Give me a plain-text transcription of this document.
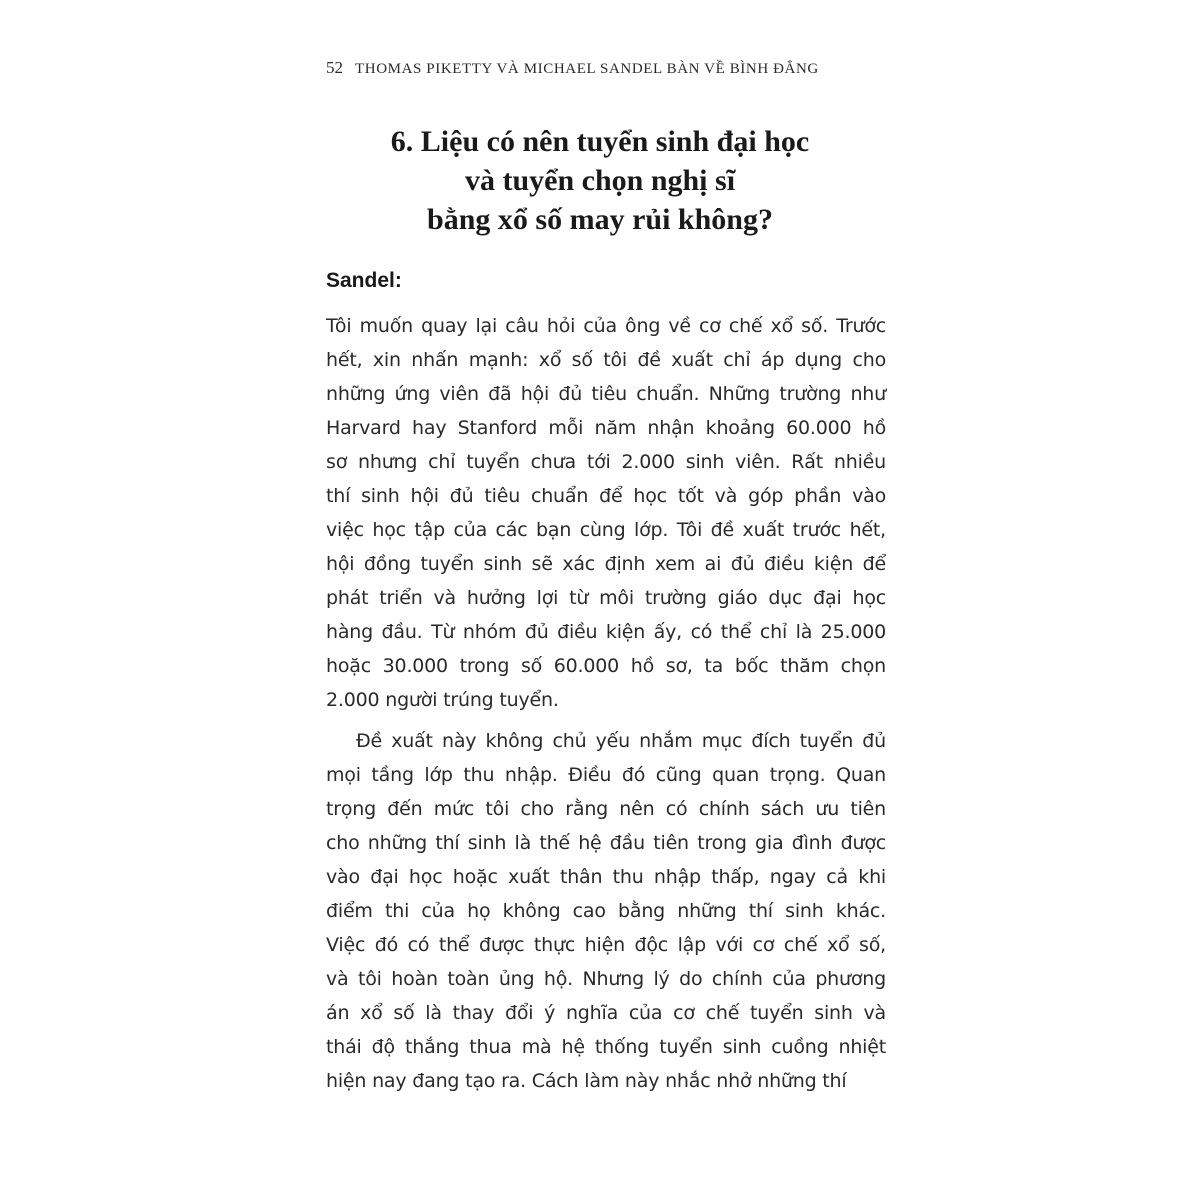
52 THOMAS PIKETTY VÀ MICHAEL SANDEL BÀN VỀ BÌNH ĐẲNG
6. Liệu có nên tuyển sinh đại học
và tuyển chọn nghị sĩ
bằng xổ số may rủi không?
Sandel:
Tôi muốn quay lại câu hỏi của ông về cơ chế xổ số. Trước
hết, xin nhấn mạnh: xổ số tôi đề xuất chỉ áp dụng cho
những ứng viên đã hội đủ tiêu chuẩn. Những trường như
Harvard hay Stanford mỗi năm nhận khoảng 60.000 hồ
sơ nhưng chỉ tuyển chưa tới 2.000 sinh viên. Rất nhiều
thí sinh hội đủ tiêu chuẩn để học tốt và góp phần vào
việc học tập của các bạn cùng lớp. Tôi đề xuất trước hết,
hội đồng tuyển sinh sẽ xác định xem ai đủ điều kiện để
phát triển và hưởng lợi từ môi trường giáo dục đại học
hàng đầu. Từ nhóm đủ điều kiện ấy, có thể chỉ là 25.000
hoặc 30.000 trong số 60.000 hồ sơ, ta bốc thăm chọn
2.000 người trúng tuyển.
Đề xuất này không chủ yếu nhắm mục đích tuyển đủ
mọi tầng lớp thu nhập. Điều đó cũng quan trọng. Quan
trọng đến mức tôi cho rằng nên có chính sách ưu tiên
cho những thí sinh là thế hệ đầu tiên trong gia đình được
vào đại học hoặc xuất thân thu nhập thấp, ngay cả khi
điểm thi của họ không cao bằng những thí sinh khác.
Việc đó có thể được thực hiện độc lập với cơ chế xổ số,
và tôi hoàn toàn ủng hộ. Nhưng lý do chính của phương
án xổ số là thay đổi ý nghĩa của cơ chế tuyển sinh và
thái độ thắng thua mà hệ thống tuyển sinh cuồng nhiệt
hiện nay đang tạo ra. Cách làm này nhắc nhở những thí
